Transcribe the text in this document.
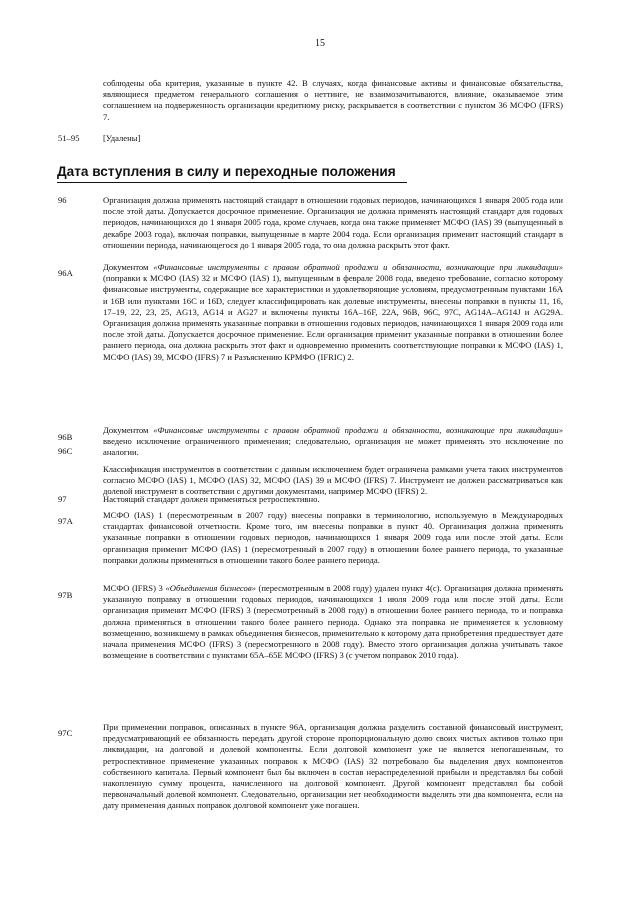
15
соблюдены оба критерия, указанные в пункте 42. В случаях, когда финансовые активы и финансовые обязательства, являющиеся предметом генерального соглашения о неттинге, не взаимозачитываются, влияние, оказываемое этим соглашением на подверженность организации кредитному риску, раскрывается в соответствии с пунктом 36 МСФО (IFRS) 7.
51–95	[Удалены]
Дата вступления в силу и переходные положения
96	Организация должна применять настоящий стандарт в отношении годовых периодов, начинающихся 1 января 2005 года или после этой даты. Допускается досрочное применение. Организация не должна применять настоящий стандарт для годовых периодов, начинающихся до 1 января 2005 года, кроме случаев, когда она также применяет МСФО (IAS) 39 (выпущенный в декабре 2003 года), включая поправки, выпущенные в марте 2004 года. Если организация применит настоящий стандарт в отношении периода, начинающегося до 1 января 2005 года, то она должна раскрыть этот факт.
96A
Документом «Финансовые инструменты с правом обратной продажи и обязанности, возникающие при ликвидации» (поправки к МСФО (IAS) 32 и МСФО (IAS) 1), выпущенным в феврале 2008 года, введено требование, согласно которому финансовые инструменты, содержащие все характеристики и удовлетворяющие условиям, предусмотренным пунктами 16A и 16B или пунктами 16C и 16D, следует классифицировать как долевые инструменты, внесены поправки в пункты 11, 16, 17–19, 22, 23, 25, AG13, AG14 и AG27 и включены пункты 16A–16F, 22A, 96B, 96C, 97C, AG14A–AG14J и AG29A. Организация должна применять указанные поправки в отношении годовых периодов, начинающихся 1 января 2009 года или после этой даты. Допускается досрочное применение. Если организация применит указанные поправки в отношении более раннего периода, она должна раскрыть этот факт и одновременно применить соответствующие поправки к МСФО (IAS) 1, МСФО (IAS) 39, МСФО (IFRS) 7 и Разъяснению КРМФО (IFRIC) 2.
96B
Документом «Финансовые инструменты с правом обратной продажи и обязанности, возникающие при ликвидации» введено исключение ограниченного применения; следовательно, организация не может применять это исключение по аналогии.
96C
Классификация инструментов в соответствии с данным исключением будет ограничена рамками учета таких инструментов согласно МСФО (IAS) 1, МСФО (IAS) 32, МСФО (IAS) 39 и МСФО (IFRS) 7. Инструмент не должен рассматриваться как долевой инструмент в соответствии с другими документами, например МСФО (IFRS) 2.
97	Настоящий стандарт должен применяться ретроспективно.
97A
МСФО (IAS) 1 (пересмотренным в 2007 году) внесены поправки в терминологию, используемую в Международных стандартах финансовой отчетности. Кроме того, им внесены поправки в пункт 40. Организация должна применять указанные поправки в отношении годовых периодов, начинающихся 1 января 2009 года или после этой даты. Если организация применит МСФО (IAS) 1 (пересмотренный в 2007 году) в отношении более раннего периода, то указанные поправки должны применяться в отношении такого более раннего периода.
97B
МСФО (IFRS) 3 «Объединения бизнесов» (пересмотренным в 2008 году) удален пункт 4(c). Организация должна применять указанную поправку в отношении годовых периодов, начинающихся 1 июля 2009 года или после этой даты. Если организация применит МСФО (IFRS) 3 (пересмотренный в 2008 году) в отношении более раннего периода, то и поправка должна применяться в отношении такого более раннего периода. Однако эта поправка не применяется к условному возмещению, возникшему в рамках объединения бизнесов, применительно к которому дата приобретения предшествует дате начала применения МСФО (IFRS) 3 (пересмотренного в 2008 году). Вместо этого организация должна учитывать такое возмещение в соответствии с пунктами 65A–65E МСФО (IFRS) 3 (с учетом поправок 2010 года).
97C
При применении поправок, описанных в пункте 96A, организация должна разделить составной финансовый инструмент, предусматривающий ее обязанность передать другой стороне пропорциональную долю своих чистых активов только при ликвидации, на долговой и долевой компоненты. Если долговой компонент уже не является непогашенным, то ретроспективное применение указанных поправок к МСФО (IAS) 32 потребовало бы выделения двух компонентов собственного капитала. Первый компонент был бы включен в состав нераспределенной прибыли и представлял бы собой накопленную сумму процента, начисленного на долговой компонент. Другой компонент представлял бы собой первоначальный долевой компонент. Следовательно, организации нет необходимости выделять эти два компонента, если на дату применения данных поправок долговой компонент уже погашен.
